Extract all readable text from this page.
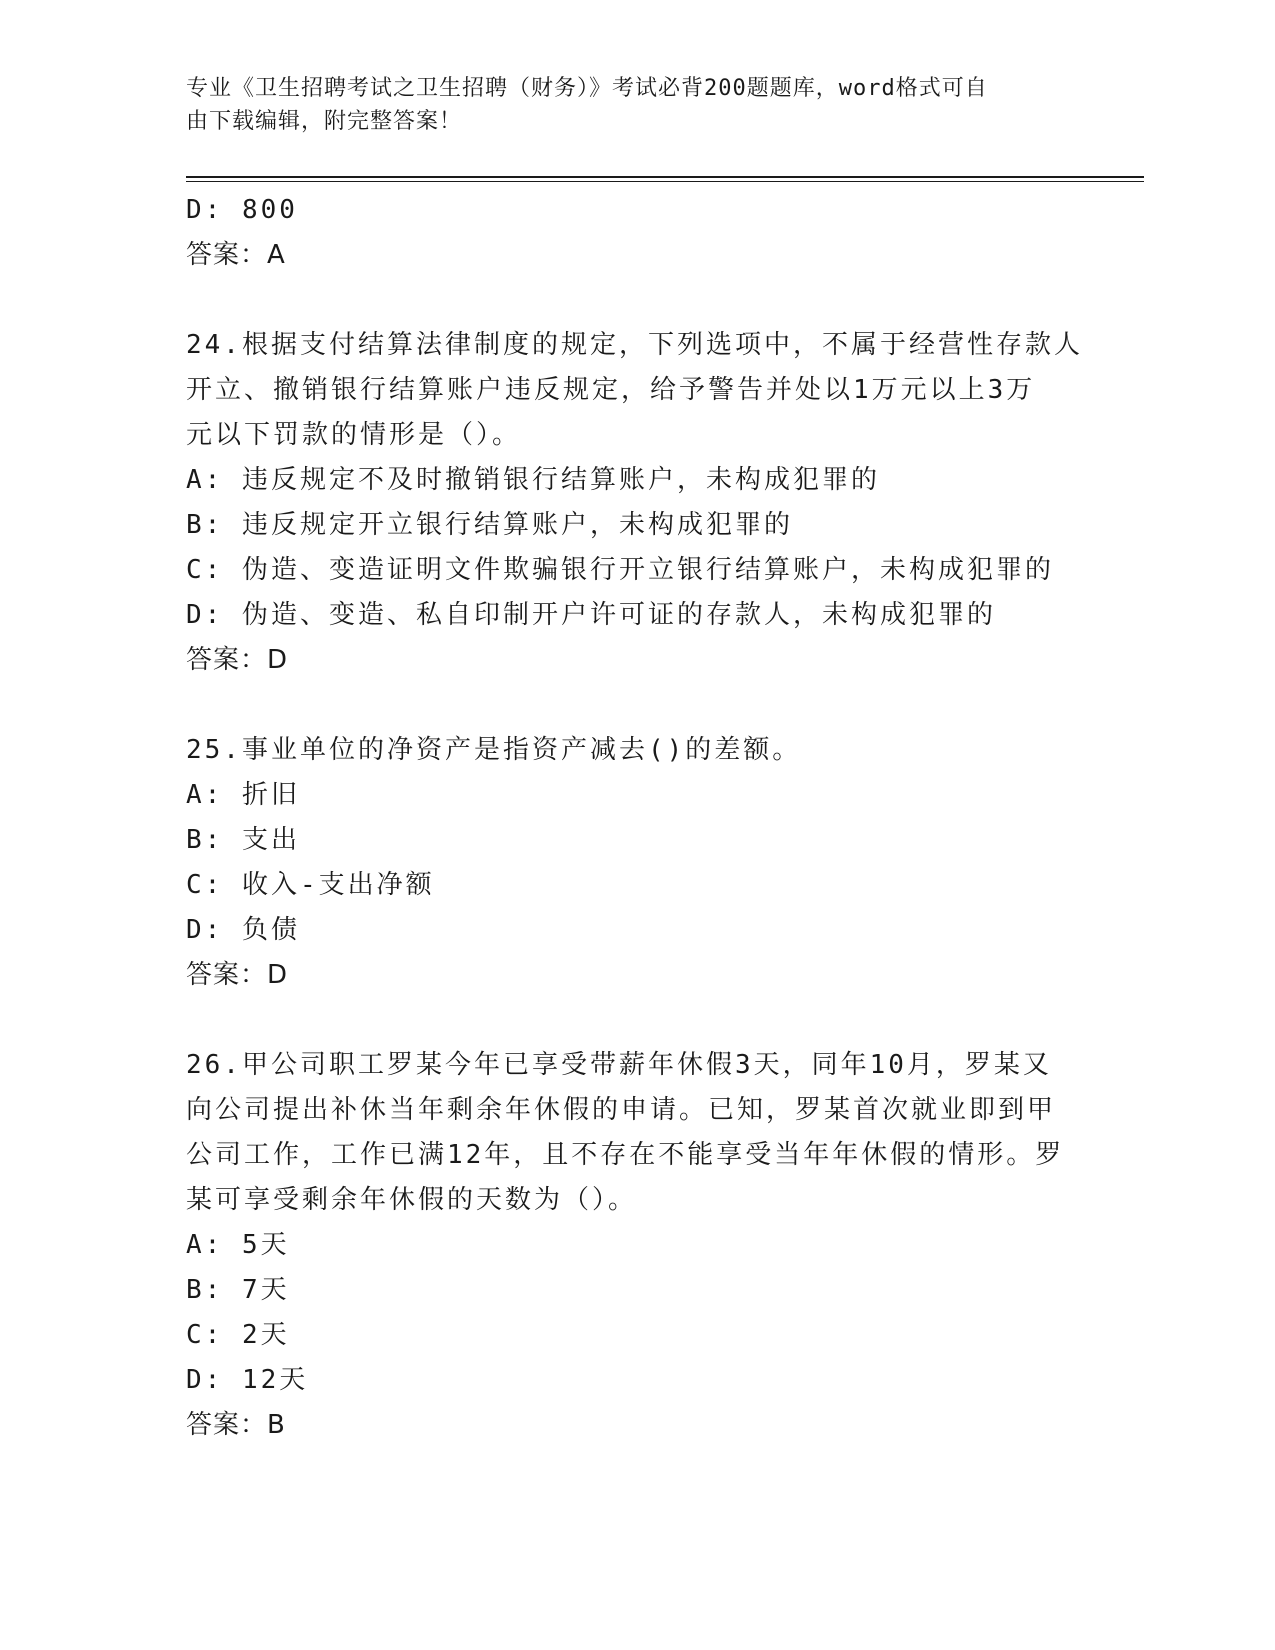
专业《卫生招聘考试之卫生招聘（财务）》考试必背200题题库，word格式可自
由下载编辑，附完整答案！
D: 800
答案：A
24.根据支付结算法律制度的规定，下列选项中，不属于经营性存款人
开立、撤销银行结算账户违反规定，给予警告并处以1万元以上3万
元以下罚款的情形是（）。
A: 违反规定不及时撤销银行结算账户，未构成犯罪的
B: 违反规定开立银行结算账户，未构成犯罪的
C: 伪造、变造证明文件欺骗银行开立银行结算账户，未构成犯罪的
D: 伪造、变造、私自印制开户许可证的存款人，未构成犯罪的
答案：D
25.事业单位的净资产是指资产减去()的差额。
A: 折旧
B: 支出
C: 收入-支出净额
D: 负债
答案：D
26.甲公司职工罗某今年已享受带薪年休假3天，同年10月，罗某又
向公司提出补休当年剩余年休假的申请。已知，罗某首次就业即到甲
公司工作，工作已满12年，且不存在不能享受当年年休假的情形。罗
某可享受剩余年休假的天数为（）。
A: 5天
B: 7天
C: 2天
D: 12天
答案：B
